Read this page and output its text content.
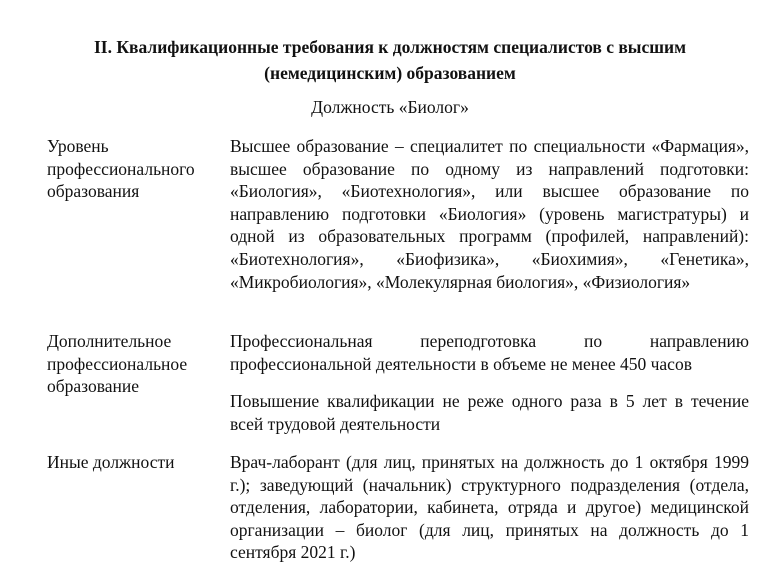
II. Квалификационные требования к должностям специалистов с высшим (немедицинским) образованием
Должность «Биолог»
Уровень профессионального образования
Высшее образование – специалитет по специальности «Фармация», высшее образование по одному из направлений подготовки: «Биология», «Биотехнология», или высшее образование по направлению подготовки «Биология» (уровень магистратуры) и одной из образовательных программ (профилей, направлений): «Биотехнология», «Биофизика», «Биохимия», «Генетика», «Микробиология», «Молекулярная биология», «Физиология»
Дополнительное профессиональное образование
Профессиональная переподготовка по направлению профессиональной деятельности в объеме не менее 450 часов
Повышение квалификации не реже одного раза в 5 лет в течение всей трудовой деятельности
Иные должности	Врач-лаборант (для лиц, принятых на должность до 1 октября 1999 г.); заведующий (начальник) структурного подразделения (отдела, отделения, лаборатории, кабинета, отряда и другое) медицинской организации – биолог (для лиц, принятых на должность до 1 сентября 2021 г.)
